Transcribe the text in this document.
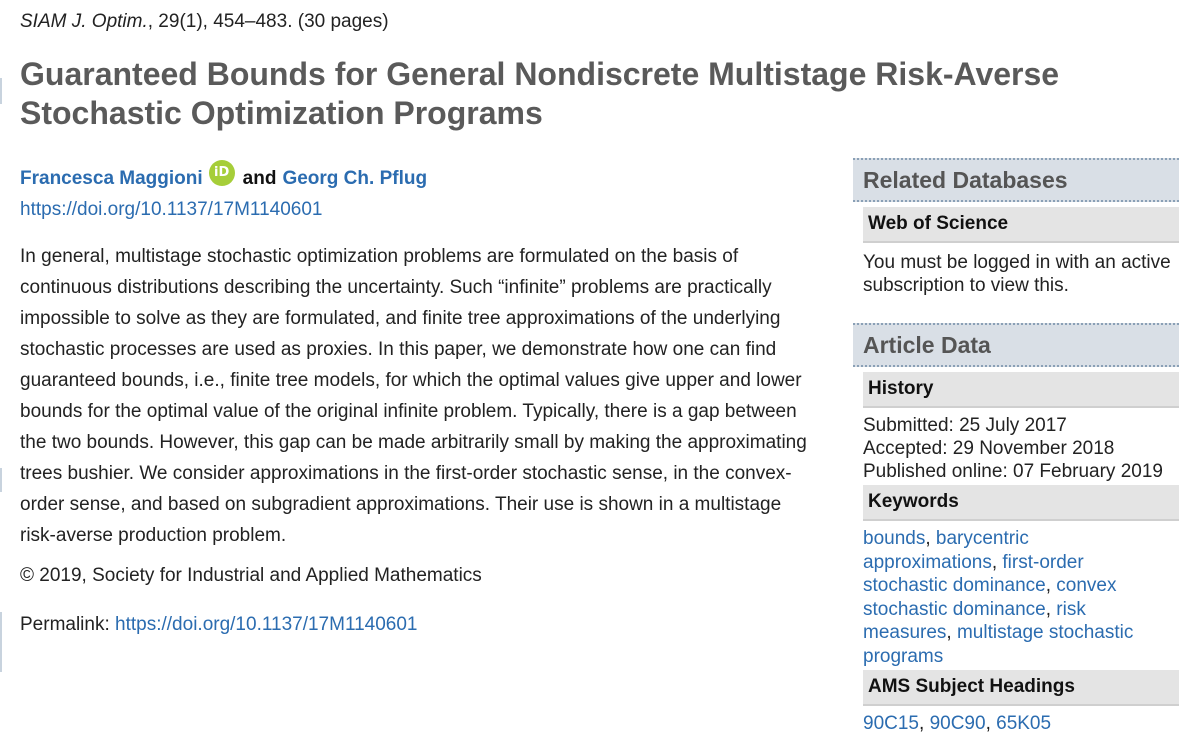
SIAM J. Optim., 29(1), 454–483. (30 pages)
Guaranteed Bounds for General Nondiscrete Multistage Risk-Averse Stochastic Optimization Programs
Francesca Maggioni iD and Georg Ch. Pflug
https://doi.org/10.1137/17M1140601

In general, multistage stochastic optimization problems are formulated on the basis of continuous distributions describing the uncertainty. Such “infinite” problems are practically impossible to solve as they are formulated, and finite tree approximations of the underlying stochastic processes are used as proxies. In this paper, we demonstrate how one can find guaranteed bounds, i.e., finite tree models, for which the optimal values give upper and lower bounds for the optimal value of the original infinite problem. Typically, there is a gap between the two bounds. However, this gap can be made arbitrarily small by making the approximating trees bushier. We consider approximations in the first-order stochastic sense, in the convex-order sense, and based on subgradient approximations. Their use is shown in a multistage risk-averse production problem.

© 2019, Society for Industrial and Applied Mathematics
Permalink: https://doi.org/10.1137/17M1140601
Related Databases
Web of Science
You must be logged in with an active subscription to view this.
Article Data
History
Submitted: 25 July 2017
Accepted: 29 November 2018
Published online: 07 February 2019
Keywords
bounds, barycentric approximations, first-order stochastic dominance, convex stochastic dominance, risk measures, multistage stochastic programs
AMS Subject Headings
90C15, 90C90, 65K05
